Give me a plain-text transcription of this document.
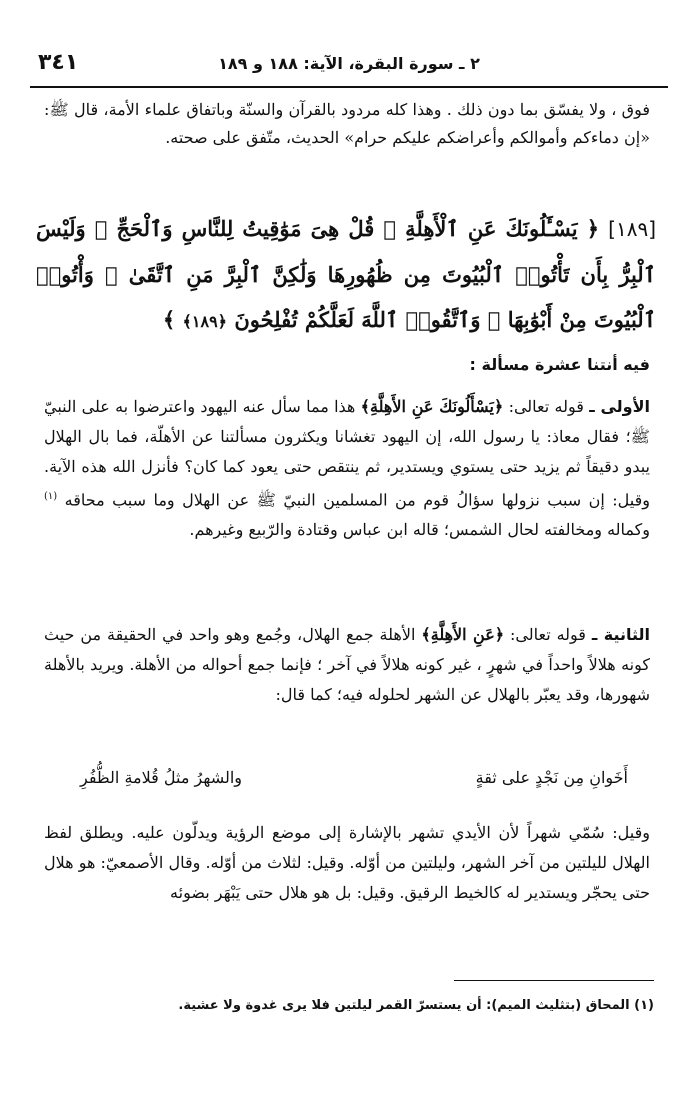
٢ ـ سورة البقرة، الآية: ١٨٨ و ١٨٩
٣٤١
فوق ، ولا يفسّق بما دون ذلك . وهذا كله مردود بالقرآن والسنّة وباتفاق علماء الأمة، قال ﷺ: «إن دماءكم وأموالكم وأعراضكم عليكم حرام» الحديث، متّفق على صحته.
[١٨٩] ﴿ يَسْـَٔلُونَكَ عَنِ ٱلْأَهِلَّةِ ۖ قُلْ هِىَ مَوَٰقِيتُ لِلنَّاسِ وَٱلْحَجِّ ۗ وَلَيْسَ ٱلْبِرُّ بِأَن تَأْتُوا۟ ٱلْبُيُوتَ مِن ظُهُورِهَا وَلَٰكِنَّ ٱلْبِرَّ مَنِ ٱتَّقَىٰ ۗ وَأْتُوا۟ ٱلْبُيُوتَ مِنْ أَبْوَٰبِهَا ۚ وَٱتَّقُوا۟ ٱللَّهَ لَعَلَّكُمْ تُفْلِحُونَ ﴿١٨٩﴾ ﴾
فيه أنتنا عشرة مسألة :
الأولى ـ قوله تعالى: ﴿يَسْأَلُونَكَ عَنِ الأَهِلَّةِ﴾ هذا مما سأل عنه اليهود واعترضوا به على النبيّ ﷺ؛ فقال معاذ: يا رسول الله، إن اليهود تغشانا ويكثرون مسألتنا عن الأهلّة، فما بال الهلال يبدو دقيقاً ثم يزيد حتى يستوي ويستدير، ثم ينتقص حتى يعود كما كان؟ فأنزل الله هذه الآية. وقيل: إن سبب نزولها سؤالُ قوم من المسلمين النبيّ ﷺ عن الهلال وما سبب محاقه $^{(١)}$ وكماله ومخالفته لحال الشمس؛ قاله ابن عباس وقتادة والرّبيع وغيرهم.
الثانية ـ قوله تعالى: ﴿عَنِ الأَهِلَّةِ﴾ الأهلة جمع الهلال، وجُمع وهو واحد في الحقيقة من حيث كونه هلالاً واحداً في شهرٍ ، غير كونه هلالاً في آخر ؛ فإنما جمع أحواله من الأهلة. ويريد بالأهلة شهورها، وقد يعبّر بالهلال عن الشهر لحلوله فيه؛ كما قال:
أَخَوانِ مِن نَجْدٍ على ثقةٍ
والشهرُ مثلُ قُلامةِ الظُّفُرِ
وقيل: سُمّي شهراً لأن الأيدي تشهر بالإشارة إلى موضع الرؤية ويدلّون عليه. ويطلق لفظ الهلال لليلتين من آخر الشهر، وليلتين من أوّله. وقيل: لثلاث من أوّله. وقال الأصمعيّ: هو هلال حتى يحجّر ويستدير له كالخيط الرقيق. وقيل: بل هو هلال حتى يَبْهَر بضوئه
(١) المحاق (بتثليث الميم): أن يستسرّ القمر ليلتين فلا يرى غدوة ولا عشية.
